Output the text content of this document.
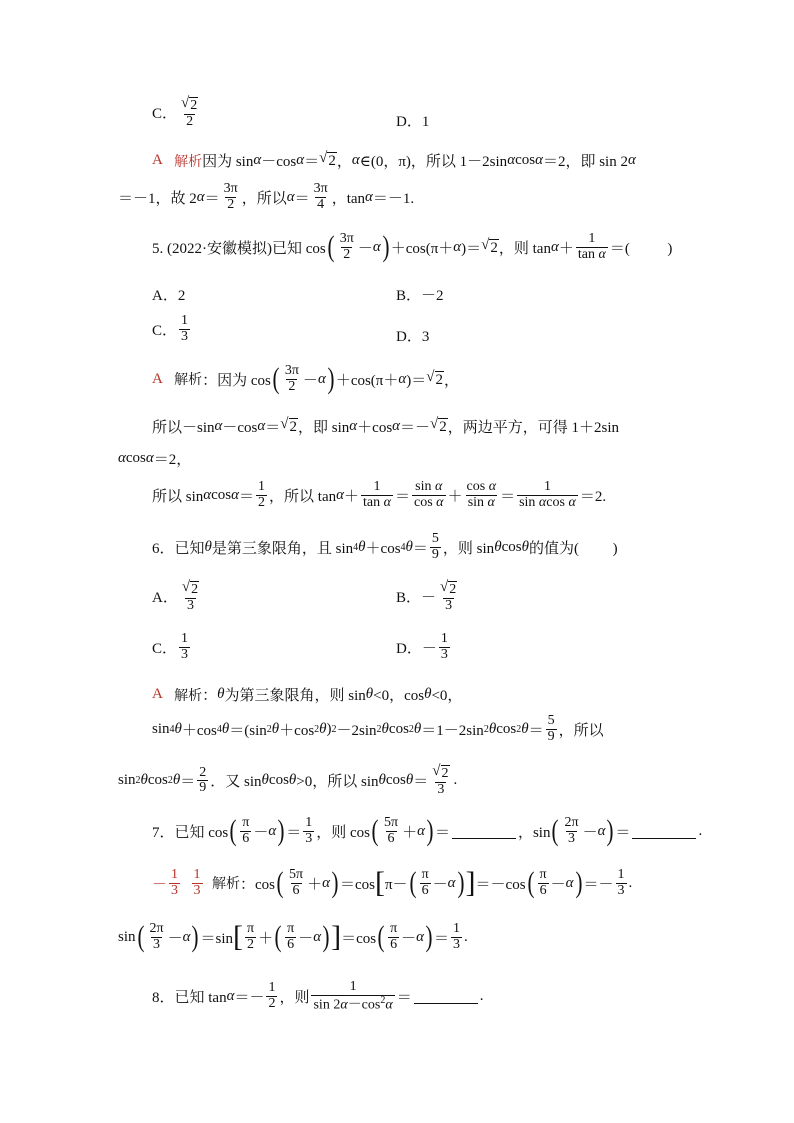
C． $\frac{√ 2}{2}$	D．1
A
解析 因为 sin α －cos α ＝ √ 2 ， α ∈(0，π)，所以 1－2sin α cos α ＝2，即 sin 2 α
＝－1，故 2 $\alpha = \frac{3\pi}{2}$ ，所以 $\alpha = \frac{3\pi}{4}$ ，tan α ＝－1.
5. (2022·安徽模拟)已知 cos ( $\frac{3\pi}{2} - \alpha$ ) ＋cos(π＋ α )＝ √ 2 ，则 $\tan \alpha + \frac{1}{\text{tan α}}$ ＝(　　  )
A．2	B．－2
C． $\frac{1}{3}$	D．3
A
解析 ：因为 cos ( $\frac{3\pi}{2} - \alpha$ ) ＋cos(π＋ α )＝ √ 2 ，
所以－sin α －cos α ＝ √ 2 ，即 sin α ＋cos α ＝－ √ 2 ，两边平方，可得 1＋2sin
α cos α ＝2，
所以 sin α $\cos \alpha = \frac{1}{2}$ ，所以 $\tan \alpha + \frac{1}{\text{tan α}} = \frac{\text{sin α}}{\text{cos α}} + \frac{\text{cos α}}{\text{sin α}} = \frac{1}{\text{sin αcos α}} =2$.
6．已知 θ 是第三象限角，且 sin 4 θ ＋cos 4 $\theta = \frac{5}{9}$ ，则 sin θ cos θ 的值为(　　 )
A． $\frac{√ 2}{3}$	B．－ $\frac{√ 2}{3}$
C． $\frac{1}{3}$	D．－ $\frac{1}{3}$
A
解析 ： θ 为第三象限角，则 sin θ <0，cos θ <0，
sin 4 θ ＋cos 4 θ ＝(sin 2 θ ＋cos 2 θ ) 2 －2sin 2 θ cos 2 θ ＝1－2sin 2 θ cos 2 $\theta = \frac{5}{9}$ ，所以
sin 2 θ cos 2 $\theta = \frac{2}{9}$ ．又 sin θ cos θ >0，所以 sin θ $\cos \theta = \frac{√ 2}{3}$ .
7．已知 cos ( $\frac{\pi}{6} - \alpha$ ) ＝ $\frac{1}{3}$ ，则 cos ( $\frac{5\pi}{6} + \alpha$ ) ＝	，sin ( $\frac{2\pi}{3} - \alpha$ ) ＝	.
－ $\frac{1}{3}$
$\frac{1}{3}$
解析 ：cos ( $\frac{5\pi}{6} + \alpha$ ) ＝cos [ π－ ( $\frac{\pi}{6} - \alpha$ ) ] ＝－cos ( $\frac{\pi}{6} - \alpha$ ) ＝－ $\frac{1}{3}$ .
sin ( $\frac{2\pi}{3} - \alpha$ ) ＝sin [ $\frac{\pi}{2}$ ＋ ( $\frac{\pi}{6} - \alpha$ ) ] ＝cos ( $\frac{\pi}{6} - \alpha$ ) ＝ $\frac{1}{3}$ .
8．已知 $\tan \alpha =- \frac{1}{2}$ ，则 $\frac{1}{\sin 2\alpha-\cos^2\alpha}$ ＝	.
